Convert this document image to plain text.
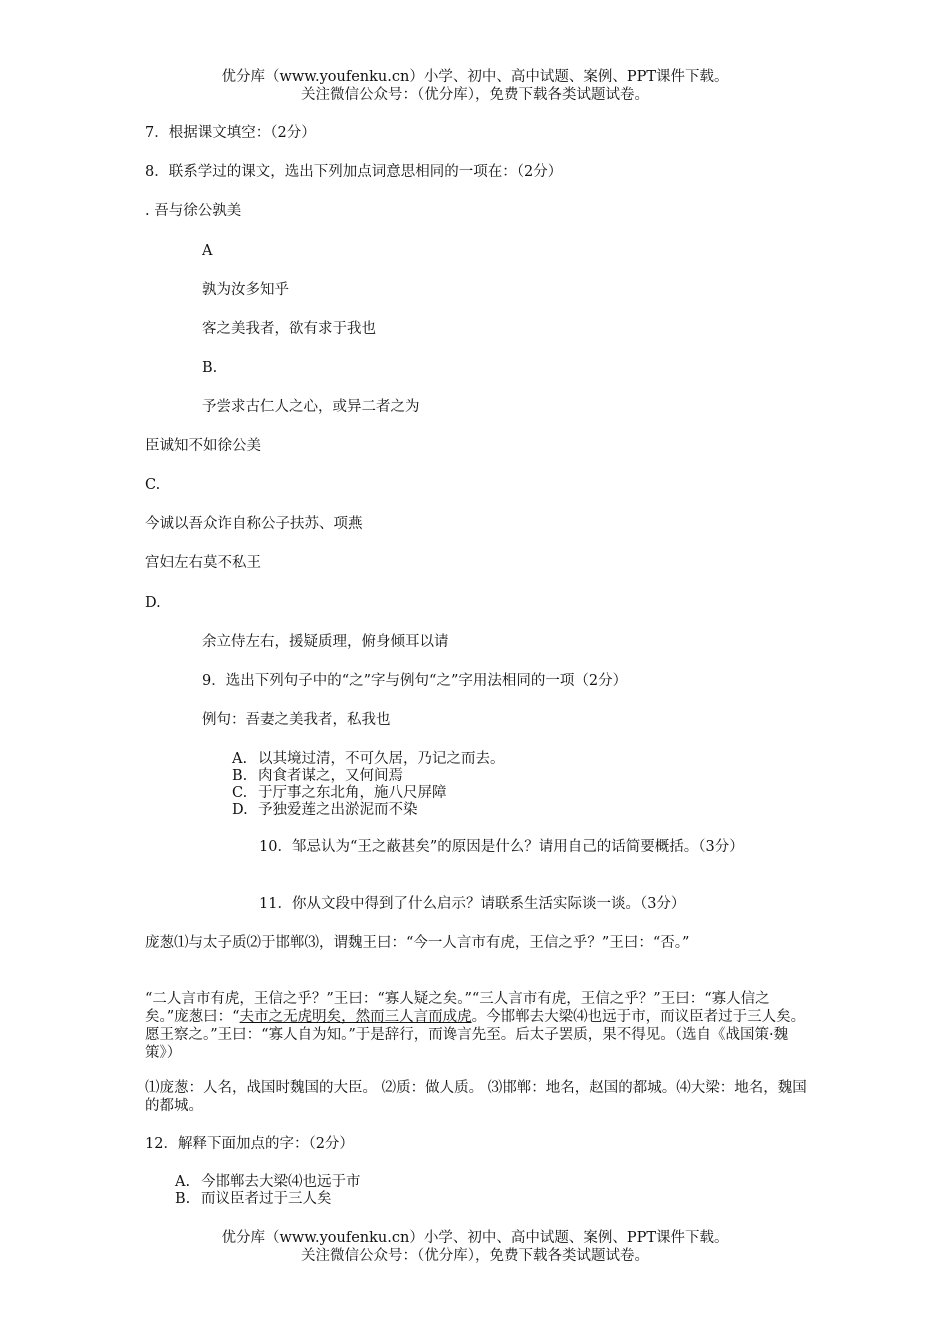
优分库（www.youfenku.cn）小学、初中、高中试题、案例、PPT课件下载。
关注微信公众号：（优分库），免费下载各类试题试卷。
7．根据课文填空：（2分）
8．联系学过的课文，选出下列加点词意思相同的一项在：（2分）
. 吾与徐公孰美
A
孰为汝多知乎
客之美我者，欲有求于我也
B.
予尝求古仁人之心，或异二者之为
臣诚知不如徐公美
C.
今诚以吾众诈自称公子扶苏、项燕
宫妇左右莫不私王
D.
余立侍左右，援疑质理，俯身倾耳以请
9．选出下列句子中的“之”字与例句“之”字用法相同的一项（2分）
例句：吾妻之美我者，私我也
A. 以其境过清，不可久居，乃记之而去。
B. 肉食者谋之，又何间焉
C. 于厅事之东北角，施八尺屏障
D. 予独爱莲之出淤泥而不染
10．邹忌认为“王之蔽甚矣”的原因是什么？请用自己的话简要概括。（3分）
11．你从文段中得到了什么启示？请联系生活实际谈一谈。（3分）
庞葱⑴与太子质⑵于邯郸⑶，谓魏王曰：“今一人言市有虎，王信之乎？”王曰：“否。”
“二人言市有虎，王信之乎？”王曰：“寡人疑之矣。”“三人言市有虎，王信之乎？”王曰：“寡人信之矣。”庞葱曰：“夫市之无虎明矣，然而三人言而成虎。今邯郸去大梁⑷也远于市，而议臣者过于三人矣。愿王察之。”王曰：“寡人自为知。”于是辞行，而谗言先至。后太子罢质，果不得见。（选自《战国策·魏策》）
⑴庞葱：人名，战国时魏国的大臣。 ⑵质：做人质。 ⑶邯郸：地名，赵国的都城。⑷大梁：地名，魏国的都城。
12．解释下面加点的字：（2分）
A. 今邯郸去大梁⑷也远于市
B. 而议臣者过于三人矣
优分库（www.youfenku.cn）小学、初中、高中试题、案例、PPT课件下载。
关注微信公众号：（优分库），免费下载各类试题试卷。
